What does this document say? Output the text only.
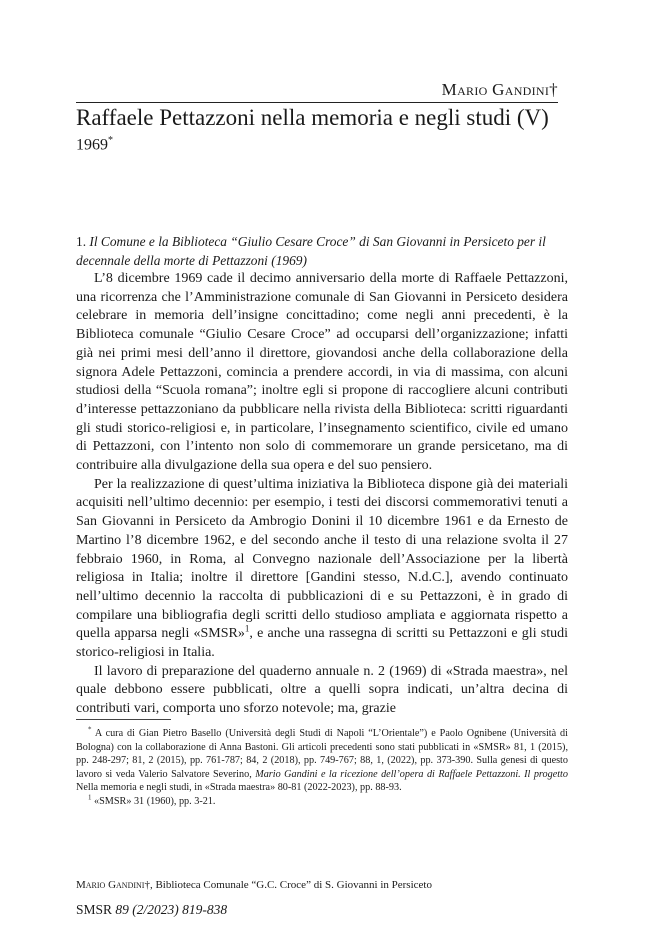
Mario Gandini†
Raffaele Pettazzoni nella memoria e negli studi (V)
1969*
1. Il Comune e la Biblioteca “Giulio Cesare Croce” di San Giovanni in Persiceto per il decennale della morte di Pettazzoni (1969)

L’8 dicembre 1969 cade il decimo anniversario della morte di Raffaele Pettazzoni, una ricorrenza che l’Amministrazione comunale di San Giovanni in Persiceto desidera celebrare in memoria dell’insigne concittadino; come negli anni precedenti, è la Biblioteca comunale “Giulio Cesare Croce” ad occuparsi dell’organizzazione; infatti già nei primi mesi dell’anno il direttore, giovandosi anche della collaborazione della signora Adele Pettazzoni, comincia a prendere accordi, in via di massima, con alcuni studiosi della “Scuola romana”; inoltre egli si propone di raccogliere alcuni contributi d’interesse pettazzoniano da pubblicare nella rivista della Biblioteca: scritti riguardanti gli studi storico-religiosi e, in particolare, l’insegnamento scientifico, civile ed umano di Pettazzoni, con l’intento non solo di commemorare un grande persicetano, ma di contribuire alla divulgazione della sua opera e del suo pensiero.

Per la realizzazione di quest’ultima iniziativa la Biblioteca dispone già dei materiali acquisiti nell’ultimo decennio: per esempio, i testi dei discorsi commemorativi tenuti a San Giovanni in Persiceto da Ambrogio Donini il 10 dicembre 1961 e da Ernesto de Martino l’8 dicembre 1962, e del secondo anche il testo di una relazione svolta il 27 febbraio 1960, in Roma, al Convegno nazionale dell’Associazione per la libertà religiosa in Italia; inoltre il direttore [Gandini stesso, N.d.C.], avendo continuato nell’ultimo decennio la raccolta di pubblicazioni di e su Pettazzoni, è in grado di compilare una bibliografia degli scritti dello studioso ampliata e aggiornata rispetto a quella apparsa negli «SMSR»$^1$, e anche una rassegna di scritti su Pettazzoni e gli studi storico-religiosi in Italia.

Il lavoro di preparazione del quaderno annuale n. 2 (1969) di «Strada maestra», nel quale debbono essere pubblicati, oltre a quelli sopra indicati, un’altra decina di contributi vari, comporta uno sforzo notevole; ma, grazie

* A cura di Gian Pietro Basello (Università degli Studi di Napoli “L’Orientale”) e Paolo Ognibene (Università di Bologna) con la collaborazione di Anna Bastoni. Gli articoli precedenti sono stati pubblicati in «SMSR» 81, 1 (2015), pp. 248-297; 81, 2 (2015), pp. 761-787; 84, 2 (2018), pp. 749-767; 88, 1, (2022), pp. 373-390. Sulla genesi di questo lavoro si veda Valerio Salvatore Severino, Mario Gandini e la ricezione dell’opera di Raffaele Pettazzoni. Il progetto Nella memoria e negli studi, in «Strada maestra» 80-81 (2022-2023), pp. 88-93.

$^1$ «SMSR» 31 (1960), pp. 3-21.

Mario Gandini†, Biblioteca Comunale “G.C. Croce” di S. Giovanni in Persiceto
SMSR 89 (2/2023) 819-838
